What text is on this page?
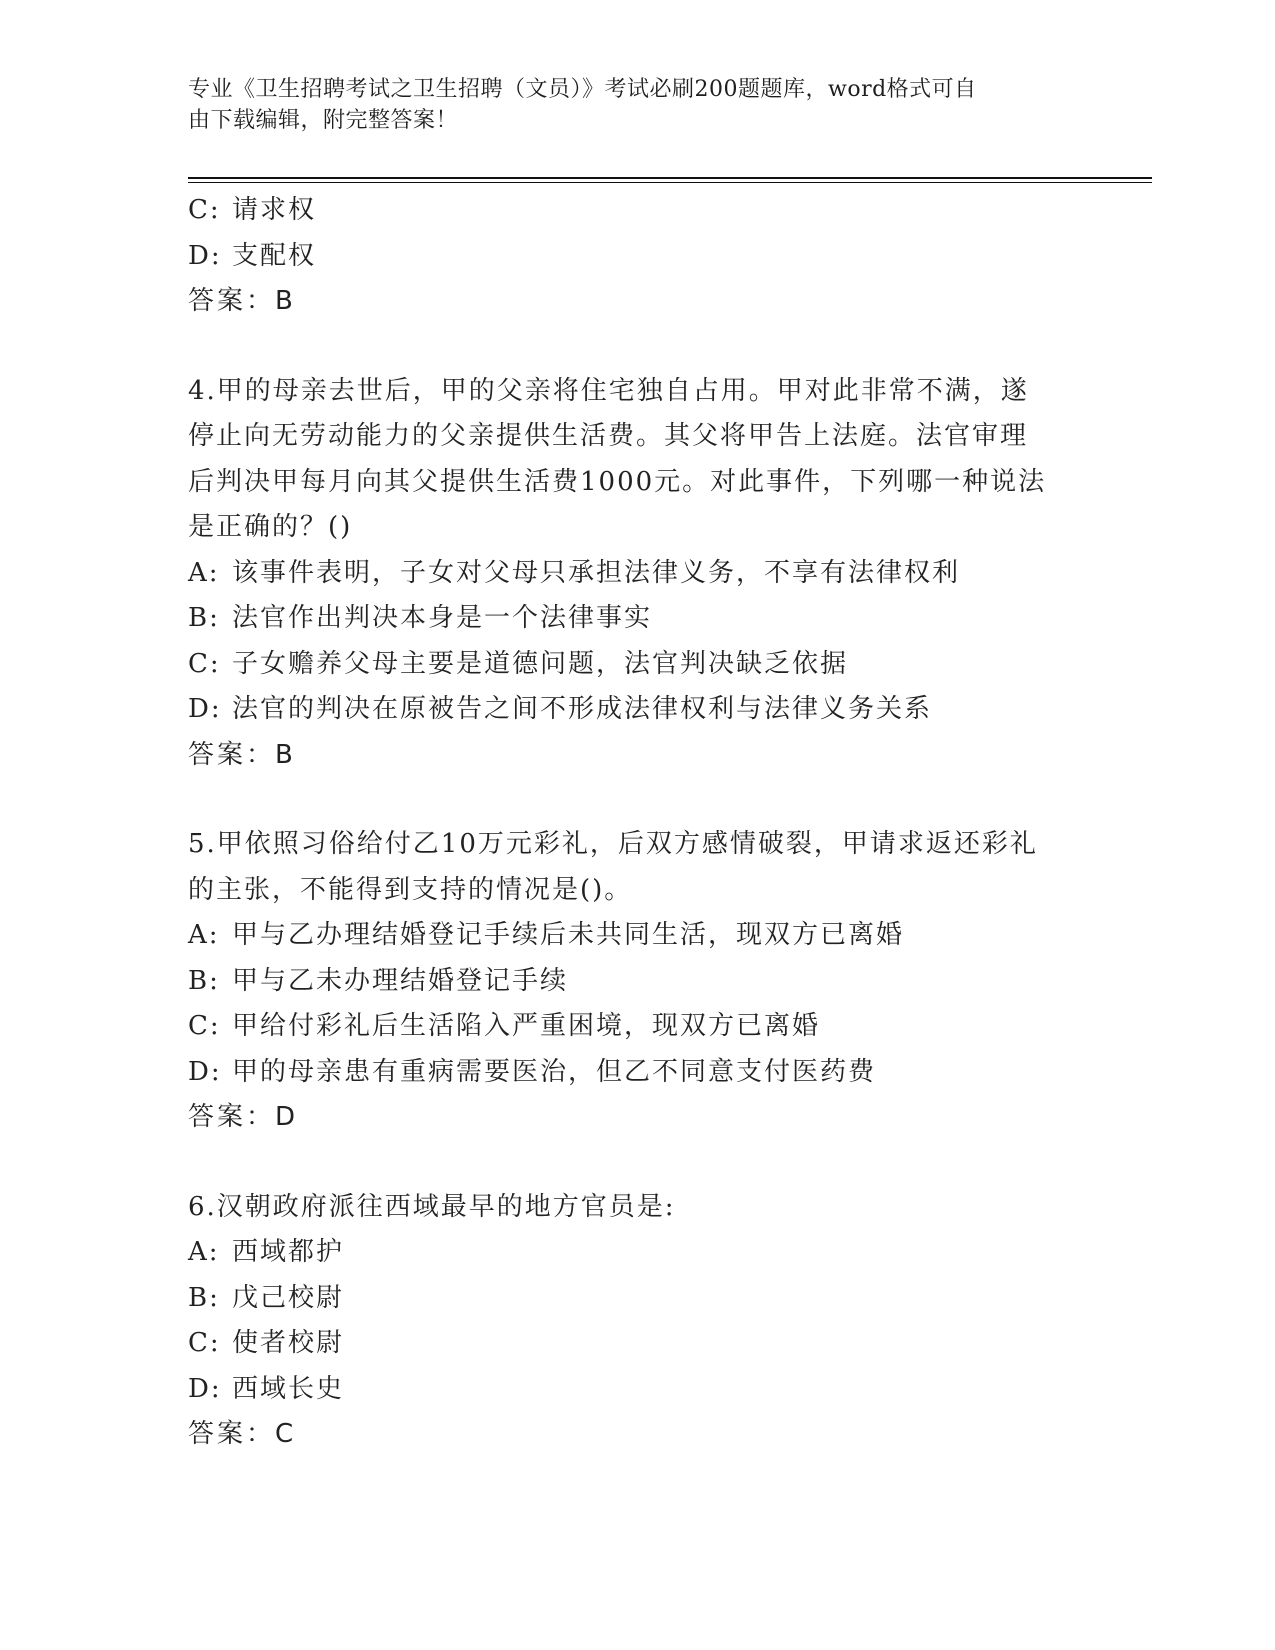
专业《卫生招聘考试之卫生招聘（文员）》考试必刷200题题库，word格式可自
由下载编辑，附完整答案！
C: 请求权
D: 支配权
答案：B
4.甲的母亲去世后，甲的父亲将住宅独自占用。甲对此非常不满，遂
停止向无劳动能力的父亲提供生活费。其父将甲告上法庭。法官审理
后判决甲每月向其父提供生活费1000元。对此事件，下列哪一种说法
是正确的？()
A: 该事件表明，子女对父母只承担法律义务，不享有法律权利
B: 法官作出判决本身是一个法律事实
C: 子女赡养父母主要是道德问题，法官判决缺乏依据
D: 法官的判决在原被告之间不形成法律权利与法律义务关系
答案：B
5.甲依照习俗给付乙10万元彩礼，后双方感情破裂，甲请求返还彩礼
的主张，不能得到支持的情况是()。
A: 甲与乙办理结婚登记手续后未共同生活，现双方已离婚
B: 甲与乙未办理结婚登记手续
C: 甲给付彩礼后生活陷入严重困境，现双方已离婚
D: 甲的母亲患有重病需要医治，但乙不同意支付医药费
答案：D
6.汉朝政府派往西域最早的地方官员是:
A: 西域都护
B: 戊己校尉
C: 使者校尉
D: 西域长史
答案：C
